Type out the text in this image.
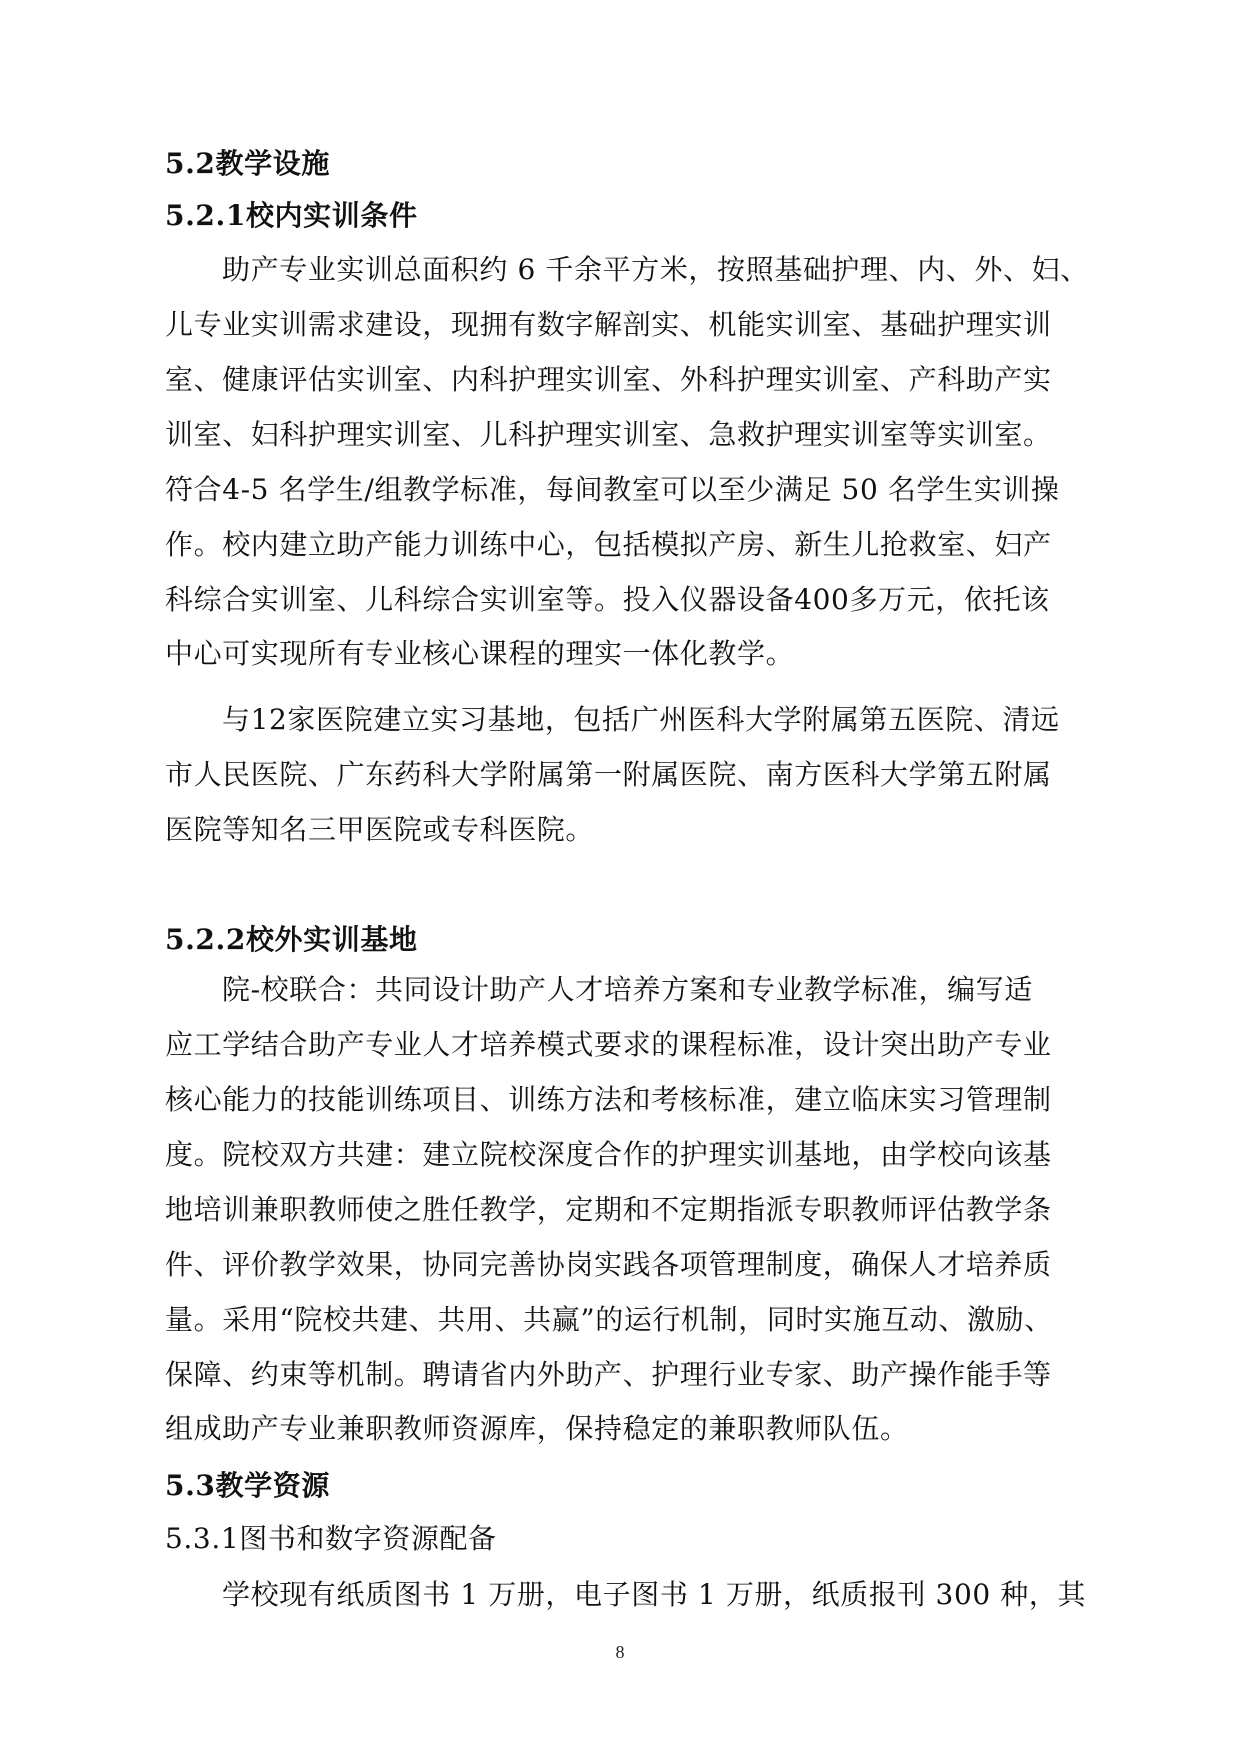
5.2教学设施
5.2.1校内实训条件
助产专业实训总面积约 6 千余平方米，按照基础护理、内、外、妇、
儿专业实训需求建设，现拥有数字解剖实、机能实训室、基础护理实训
室、健康评估实训室、内科护理实训室、外科护理实训室、产科助产实
训室、妇科护理实训室、儿科护理实训室、急救护理实训室等实训室。
符合4-5 名学生/组教学标准，每间教室可以至少满足 50 名学生实训操
作。校内建立助产能力训练中心，包括模拟产房、新生儿抢救室、妇产
科综合实训室、儿科综合实训室等。投入仪器设备400多万元，依托该
中心可实现所有专业核心课程的理实一体化教学。
与12家医院建立实习基地，包括广州医科大学附属第五医院、清远
市人民医院、广东药科大学附属第一附属医院、南方医科大学第五附属
医院等知名三甲医院或专科医院。
5.2.2校外实训基地
院-校联合：共同设计助产人才培养方案和专业教学标准，编写适
应工学结合助产专业人才培养模式要求的课程标准，设计突出助产专业
核心能力的技能训练项目、训练方法和考核标准，建立临床实习管理制
度。院校双方共建：建立院校深度合作的护理实训基地，由学校向该基
地培训兼职教师使之胜任教学，定期和不定期指派专职教师评估教学条
件、评价教学效果，协同完善协岗实践各项管理制度，确保人才培养质
量。采用“院校共建、共用、共赢”的运行机制，同时实施互动、激励、
保障、约束等机制。聘请省内外助产、护理行业专家、助产操作能手等
组成助产专业兼职教师资源库，保持稳定的兼职教师队伍。
5.3教学资源
5.3.1图书和数字资源配备
学校现有纸质图书 1 万册，电子图书 1 万册，纸质报刊 300 种，其
8
